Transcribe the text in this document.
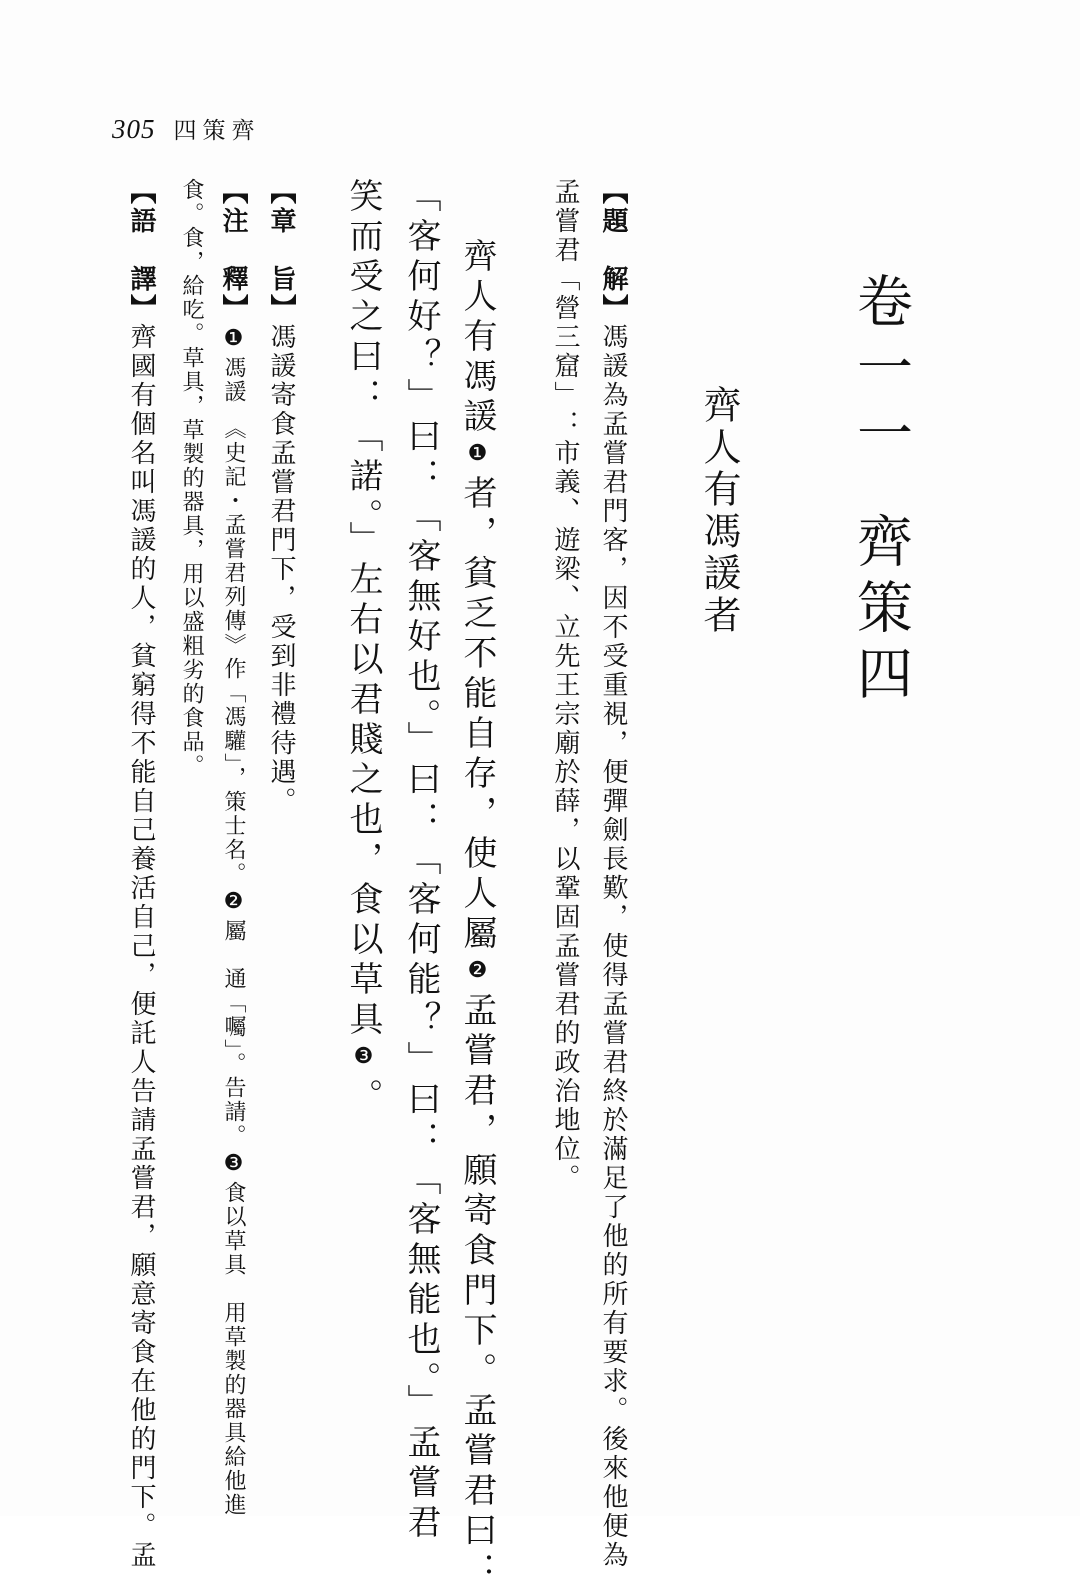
305 四策齊
卷一一齊策四
齊人有馮諼者
【題　解】馮諼為孟嘗君門客，因不受重視，便彈劍長歎，使得孟嘗君終於滿足了他的所有要求。後來他便為
孟嘗君「營三窟」：市義、遊梁、立先王宗廟於薛，以鞏固孟嘗君的政治地位。
齊人有馮諼❶者，貧乏不能自存，使人屬❷孟嘗君，願寄食門下。孟嘗君曰：
「客何好？」曰：「客無好也。」曰：「客何能？」曰：「客無能也。」孟嘗君
笑而受之曰：「諾。」左右以君賤之也，食以草具❸。
【章　旨】馮諼寄食孟嘗君門下，受到非禮待遇。
【注　釋】❶馮諼　《史記・孟嘗君列傳》作「馮驩」，策士名。❷屬　通「囑」。告請。❸食以草具　用草製的器具給他進
食。食，給吃。草具，草製的器具，用以盛粗劣的食品。
【語　譯】齊國有個名叫馮諼的人，貧窮得不能自己養活自己，便託人告請孟嘗君，願意寄食在他的門下。孟
